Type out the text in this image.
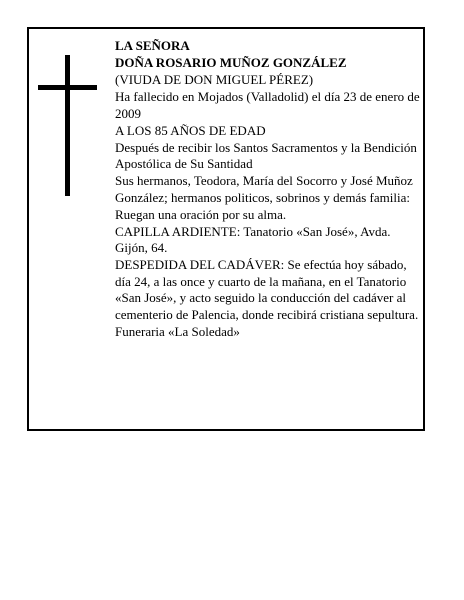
LA SEÑORA
DOÑA ROSARIO MUÑOZ GONZÁLEZ
(VIUDA DE DON MIGUEL PÉREZ)
Ha fallecido en Mojados (Valladolid) el día 23 de enero de 2009
A LOS 85 AÑOS DE EDAD
Después de recibir los Santos Sacramentos y la Bendición Apostólica de Su Santidad
Sus hermanos, Teodora, María del Socorro y José Muñoz González; hermanos politicos, sobrinos y demás familia:
Ruegan una oración por su alma.
CAPILLA ARDIENTE: Tanatorio «San José», Avda. Gijón, 64.
DESPEDIDA DEL CADÁVER: Se efectúa hoy sábado, día 24, a las once y cuarto de la mañana, en el Tanatorio «San José», y acto seguido la conducción del cadáver al cementerio de Palencia, donde recibirá cristiana sepultura.
Funeraria «La Soledad»
